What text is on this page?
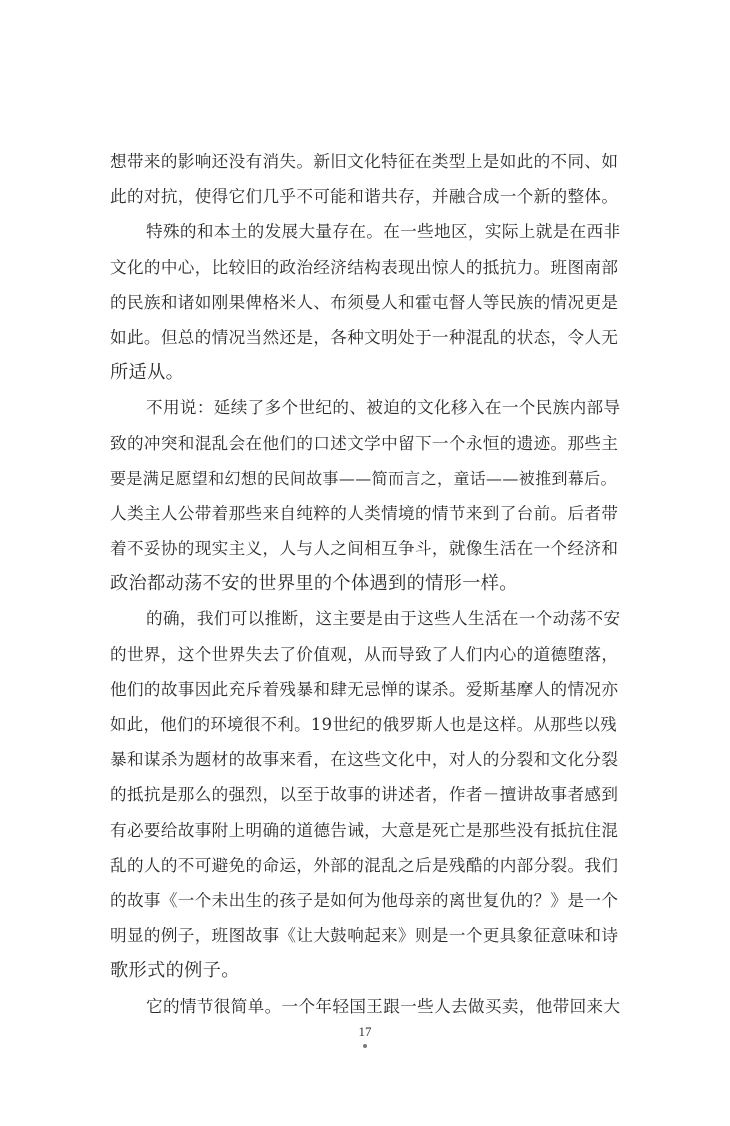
想带来的影响还没有消失。新旧文化特征在类型上是如此的不同、如
此的对抗，使得它们几乎不可能和谐共存，并融合成一个新的整体。
特殊的和本土的发展大量存在。在一些地区，实际上就是在西非
文化的中心，比较旧的政治经济结构表现出惊人的抵抗力。班图南部
的民族和诸如刚果俾格米人、布须曼人和霍屯督人等民族的情况更是
如此。但总的情况当然还是，各种文明处于一种混乱的状态，令人无
所适从。
不用说：延续了多个世纪的、被迫的文化移入在一个民族内部导
致的冲突和混乱会在他们的口述文学中留下一个永恒的遗迹。那些主
要是满足愿望和幻想的民间故事——简而言之，童话——被推到幕后。
人类主人公带着那些来自纯粹的人类情境的情节来到了台前。后者带
着不妥协的现实主义，人与人之间相互争斗，就像生活在一个经济和
政治都动荡不安的世界里的个体遇到的情形一样。
的确，我们可以推断，这主要是由于这些人生活在一个动荡不安
的世界，这个世界失去了价值观，从而导致了人们内心的道德堕落，
他们的故事因此充斥着残暴和肆无忌惮的谋杀。爱斯基摩人的情况亦
如此，他们的环境很不利。19世纪的俄罗斯人也是这样。从那些以残
暴和谋杀为题材的故事来看，在这些文化中，对人的分裂和文化分裂
的抵抗是那么的强烈，以至于故事的讲述者，作者－擅讲故事者感到
有必要给故事附上明确的道德告诫，大意是死亡是那些没有抵抗住混
乱的人的不可避免的命运，外部的混乱之后是残酷的内部分裂。我们
的故事《一个未出生的孩子是如何为他母亲的离世复仇的？》是一个
明显的例子，班图故事《让大鼓响起来》则是一个更具象征意味和诗
歌形式的例子。
它的情节很简单。一个年轻国王跟一些人去做买卖，他带回来大
17
